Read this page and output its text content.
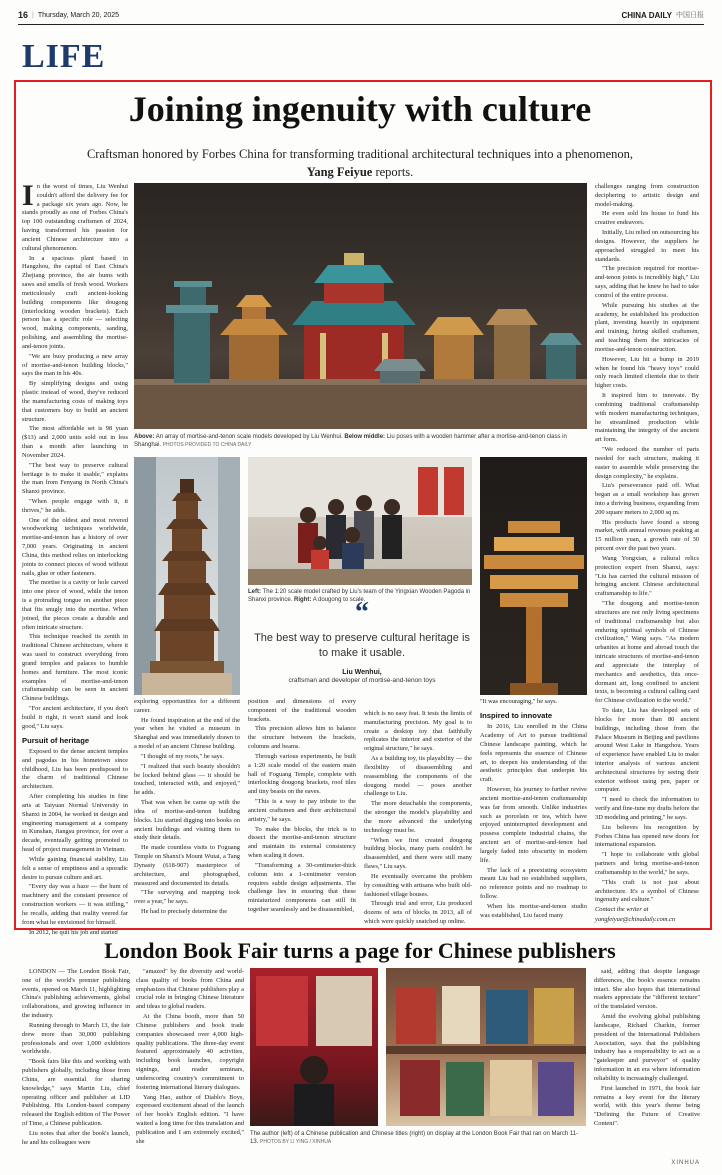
16 | Thursday, March 20, 2025	CHINA DAILY 中国日报
LIFE
Joining ingenuity with culture
Craftsman honored by Forbes China for transforming traditional architectural techniques into a phenomenon,
Yang Feiyue reports.

In the worst of times, Liu Wenhui couldn't afford the delivery fee for a package six years ago. Now, he stands proudly as one of Forbes China's top 100 outstanding craftsmen of 2024, having transformed his passion for ancient Chinese architecture into a cultural phenomenon.

In a spacious plant based in Hangzhou, the capital of East China's Zhejiang province, the air hums with saws and smells of fresh wood. Workers meticulously craft ancient-looking building components like dougong (interlocking wooden brackets). Each person has a specific role — selecting wood, making components, sanding, polishing, and assembling the mortise-and-tenon joints.

"We are busy producing a new array of mortise-and-tenon building blocks," says the man in his 40s.

By simplifying designs and using plastic instead of wood, they've reduced the manufacturing costs of making toys that customers buy to build an ancient structure.

The most affordable set is 98 yuan ($13) and 2,000 units sold out in less than a month after launching in November 2024.

"The best way to preserve cultural heritage is to make it usable," explains the man from Fenyang in North China's Shanxi province.

"When people engage with it, it thrives," he adds.

One of the oldest and most revered woodworking techniques worldwide, mortise-and-tenon has a history of over 7,000 years. Originating in ancient China, this method relies on interlocking joints to connect pieces of wood without nails, glue or other fasteners.

The mortise is a cavity or hole carved into one piece of wood, while the tenon is a protruding tongue on another piece that fits snugly into the mortise. When joined, the pieces create a durable and often intricate structure.

This technique reached its zenith in traditional Chinese architecture, where it was used to construct everything from grand temples and palaces to humble homes and furniture. The most iconic examples of mortise-and-tenon craftsmanship can be seen in ancient Chinese buildings.

"For ancient architecture, if you don't build it right, it won't stand and look good," Liu says.

Pursuit of heritage

Exposed to the dense ancient temples and pagodas in his hometown since childhood, Liu has been predisposed to the charm of traditional Chinese architecture.

After completing his studies in fine arts at Taiyuan Normal University in Shanxi in 2004, he worked in design and engineering management at a company in Kunshan, Jiangsu province, for over a decade, eventually getting promoted to head of project management in Vietnam.

While gaining financial stability, Liu felt a sense of emptiness and a sporadic desire to pursue culture and art.

"Every day was a haze — the hum of machinery and the constant presence of construction workers — it was stifling," he recalls, adding that reality veered far from what he envisioned for himself.

In 2012, he quit his job and started

Above: An array of mortise-and-tenon scale models developed by Liu Wenhui. Below middle: Liu poses with a wooden hammer after a mortise-and-tenon class in Shanghai. PHOTOS PROVIDED TO CHINA DAILY
Left: The 1:20 scale model crafted by Liu's team of the Yingxian Wooden Pagoda in Shanxi province. Right: A dougong to scale.
“
The best way to preserve cultural heritage is to make it usable.
Liu Wenhui,
craftsman and developer of mortise-and-tenon toys

exploring opportunities for a different career.

He found inspiration at the end of the year when he visited a museum in Shanghai and was immediately drawn to a model of an ancient Chinese building.

"I thought of my roots," he says.

"I realized that such beauty shouldn't be locked behind glass — it should be touched, interacted with, and enjoyed," he adds.

That was when he came up with the idea of mortise-and-tenon building blocks. Liu started digging into books on ancient buildings and visiting them to study their details.

He made countless visits to Foguang Temple on Shanxi's Mount Wutai, a Tang Dynasty (618-907) masterpiece of architecture, and photographed, measured and documented its details.

"The surveying and mapping took over a year," he says.

He had to precisely determine the

position and dimensions of every component of the traditional wooden brackets.

This precision allows him to balance the structure between the brackets, columns and beams.

Through various experiments, he built a 1:20 scale model of the eastern main hall of Foguang Temple, complete with interlocking dougong brackets, roof tiles and tiny beasts on the eaves.

"This is a way to pay tribute to the ancient craftsmen and their architectural artistry," he says.

To make the blocks, the trick is to dissect the mortise-and-tenon structure and maintain its external consistency when scaling it down.

"Transforming a 30-centimeter-thick column into a 1-centimeter version requires subtle design adjustments. The challenge lies in ensuring that these miniaturized components can still fit together seamlessly and be disassembled,

which is no easy feat. It tests the limits of manufacturing precision. My goal is to create a desktop toy that faithfully replicates the interior and exterior of the original structure," he says.

As a building toy, its playability — the flexibility of disassembling and reassembling the components of the dougong model — poses another challenge to Liu.

The more detachable the components, the stronger the model's playability and the more advanced the underlying technology must be.

"When we first created dougong building blocks, many parts couldn't be disassembled, and there were still many flaws," Liu says.

He eventually overcame the problem by consulting with artisans who built old-fashioned village houses.

Through trial and error, Liu produced dozens of sets of blocks in 2013, all of which were quickly snatched up online.

"It was encouraging," he says.

Inspired to innovate

In 2016, Liu enrolled in the China Academy of Art to pursue traditional Chinese landscape painting, which he feels represents the essence of Chinese art, to deepen his understanding of the aesthetic principles that underpin his craft.

However, his journey to further revive ancient mortise-and-tenon craftsmanship was far from smooth. Unlike industries such as porcelain or tea, which have enjoyed uninterrupted development and possess complete industrial chains, the ancient art of mortise-and-tenon had largely faded into obscurity in modern life.

The lack of a preexisting ecosystem meant Liu had no established suppliers, no reference points and no roadmap to follow.

When his mortise-and-tenon studio was established, Liu faced many

challenges ranging from construction deciphering to artistic design and model-making.

He even sold his house to fund his creative endeavors.

Initially, Liu relied on outsourcing his designs. However, the suppliers he approached struggled to meet his standards.

"The precision required for mortise-and-tenon joints is incredibly high," Liu says, adding that he knew he had to take control of the entire process.

While pursuing his studies at the academy, he established his production plant, investing heavily in equipment and training, hiring skilled craftsmen, and teaching them the intricacies of mortise-and-tenon construction.

However, Liu hit a bump in 2019 when he found his "heavy toys" could only reach limited clientele due to their higher costs.

It inspired him to innovate. By combining traditional craftsmanship with modern manufacturing techniques, he streamlined production while maintaining the integrity of the ancient art form.

"We reduced the number of parts needed for each structure, making it easier to assemble while preserving the design complexity," he explains.

Liu's perseverance paid off. What began as a small workshop has grown into a thriving business, expanding from 200 square meters to 2,000 sq m.

His products have found a strong market, with annual revenues peaking at 15 million yuan, a growth rate of 30 percent over the past two years.

Wang Yongxian, a cultural relics protection expert from Shanxi, says: "Liu has carried the cultural mission of bringing ancient Chinese architectural craftsmanship to life."

"The dougong and mortise-tenon structures are not only living specimens of traditional craftsmanship but also enduring spiritual symbols of Chinese civilization," Wang says. "As modern urbanites at home and abroad touch the intricate structures of mortise-and-tenon and appreciate the interplay of mechanics and aesthetics, this once-dormant art, long confined to ancient texts, is becoming a cultural calling card for Chinese civilization to the world."

To date, Liu has developed sets of blocks for more than 80 ancient buildings, including those from the Palace Museum in Beijing and pavilions around West Lake in Hangzhou. Years of experience have enabled Liu to make interior analysis of various ancient architectural structures by seeing their exterior without using pen, paper or computer.

"I need to check the information to verify and fine-tune my drafts before the 3D modeling and printing," he says.

Liu believes his recognition by Forbes China has opened new doors for international expansion.

"I hope to collaborate with global partners and bring mortise-and-tenon craftsmanship to the world," he says.

"This craft is not just about architecture. It's a symbol of Chinese ingenuity and culture."

Contact the writer at

yangfeiyue@chinadaily.com.cn

London Book Fair turns a page for Chinese publishers

LONDON — The London Book Fair, one of the world's premier publishing events, opened on March 11, highlighting China's publishing achievements, global collaborations, and growing influence in the industry.

Running through to March 13, the fair drew more than 30,000 publishing professionals and over 1,000 exhibitors worldwide.

"Book fairs like this and working with publishers globally, including those from China, are essential for sharing knowledge," says Martin Liu, chief operating officer and publisher at LID Publishing. His London-based company released the English edition of The Power of Time, a Chinese publication.

Liu notes that after the book's launch, he and his colleagues were

"amazed" by the diversity and world-class quality of books from China and emphasizes that Chinese publishers play a crucial role in bringing Chinese literature and ideas to global readers.

At the China booth, more than 50 Chinese publishers and book trade companies showcased over 4,000 high-quality publications. The three-day event featured approximately 40 activities, including book launches, copyright signings, and reader seminars, underscoring country's commitment to fostering international literary dialogues.

Yang Hao, author of Diablo's Boys, expressed excitement ahead of the launch of her book's English edition. "I have waited a long time for this translation and publication and I am extremely excited," she

The author (left) of a Chinese publication and Chinese titles (right) on display at the London Book Fair that ran on March 11-13. PHOTOS BY LI YING / XINHUA

said, adding that despite language differences, the book's essence remains intact. She also hopes that international readers appreciate the "different texture" of the translated version.

Amid the evolving global publishing landscape, Richard Charkin, former president of the International Publishers Association, says that the publishing industry has a responsibility to act as a "gatekeeper and purveyor" of quality information in an era where information reliability is increasingly challenged.

First launched in 1971, the book fair remains a key event for the literary world, with this year's theme being "Defining the Future of Creative Content".

XINHUA
